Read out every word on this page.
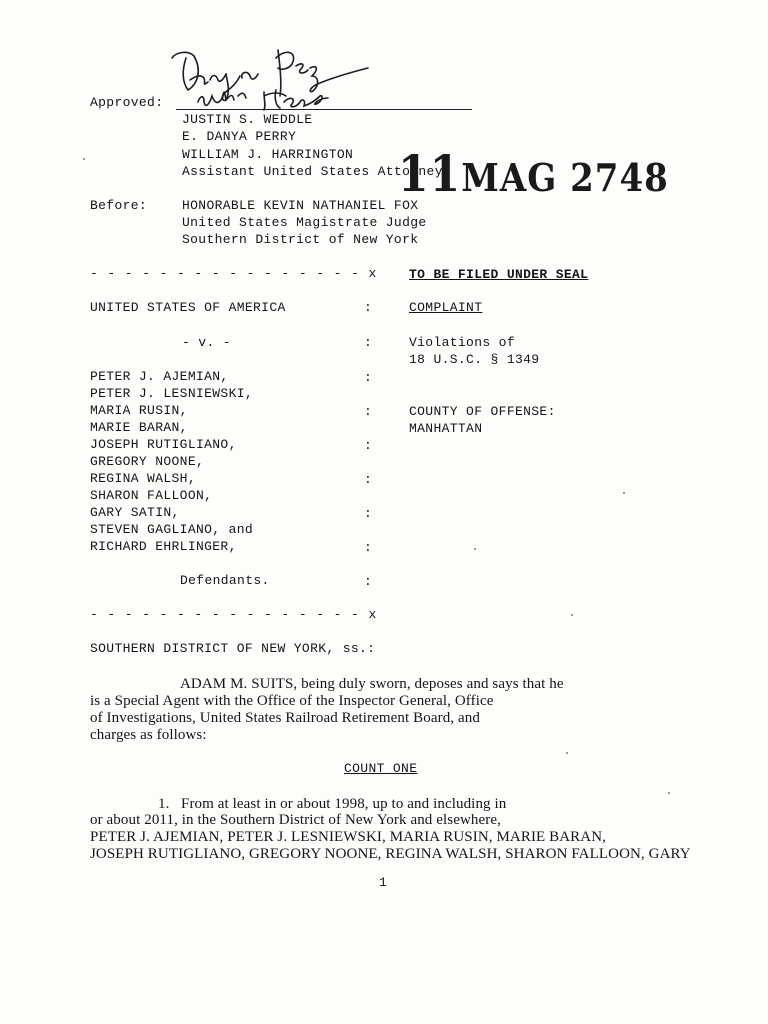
Approved:
JUSTIN S. WEDDLE
E. DANYA PERRY
WILLIAM J. HARRINGTON
Assistant United States Attorney
11MAG 2748
Before:	HONORABLE KEVIN NATHANIEL FOX
United States Magistrate Judge
Southern District of New York
- - - - - - - - - - - - - - - - x TO BE FILED UNDER SEAL
UNITED STATES OF AMERICA	:	COMPLAINT
- v. -	:	Violations of
18 U.S.C. § 1349
PETER J. AJEMIAN,	:
PETER J. LESNIEWSKI,
MARIA RUSIN,	:	COUNTY OF OFFENSE:
MARIE BARAN,	MANHATTAN
JOSEPH RUTIGLIANO,	:
GREGORY NOONE,
REGINA WALSH,	:
SHARON FALLOON,
GARY SATIN,	:
STEVEN GAGLIANO, and
RICHARD EHRLINGER,	:
Defendants.	:
- - - - - - - - - - - - - - - - x
SOUTHERN DISTRICT OF NEW YORK, ss.:
ADAM M. SUITS, being duly sworn, deposes and says that he
is a Special Agent with the Office of the Inspector General, Office
of Investigations, United States Railroad Retirement Board, and
charges as follows:
COUNT ONE
1.   From at least in or about 1998, up to and including in
or about 2011, in the Southern District of New York and elsewhere,
PETER J. AJEMIAN, PETER J. LESNIEWSKI, MARIA RUSIN, MARIE BARAN,
JOSEPH RUTIGLIANO, GREGORY NOONE, REGINA WALSH, SHARON FALLOON, GARY
1
